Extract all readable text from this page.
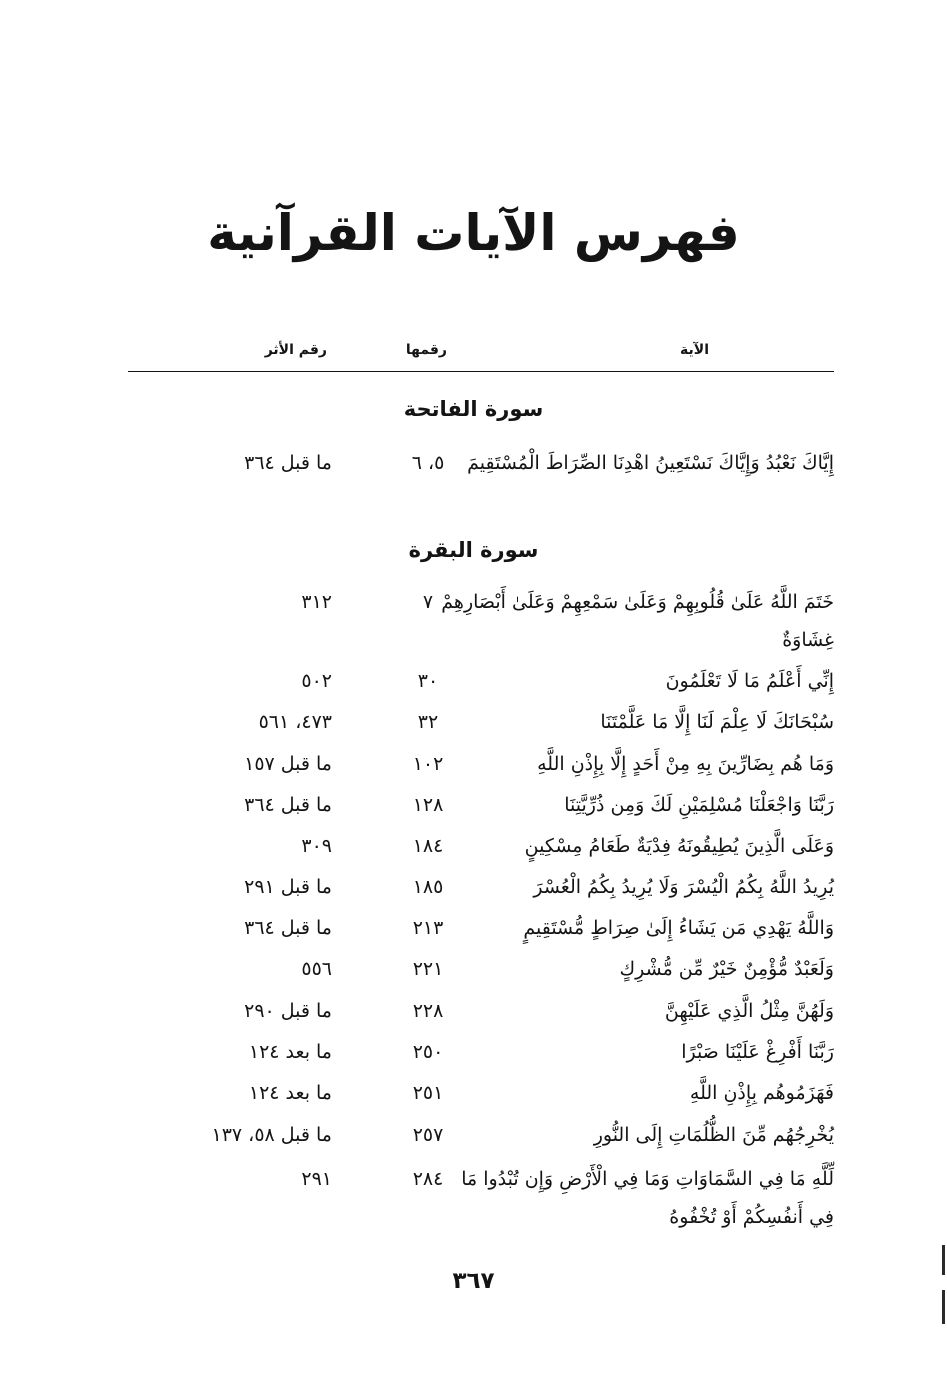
فهرس الآيات القرآنية
الآية
رقمها
رقم الأثر
سورة الفاتحة
إِيَّاكَ نَعْبُدُ وَإِيَّاكَ نَسْتَعِينُ اهْدِنَا الصِّرَاطَ الْمُسْتَقِيمَ
٥، ٦
ما قبل ٣٦٤
سورة البقرة
خَتَمَ اللَّهُ عَلَىٰ قُلُوبِهِمْ وَعَلَىٰ سَمْعِهِمْ وَعَلَىٰ أَبْصَارِهِمْ غِشَاوَةٌ
٧
٣١٢
إِنِّي أَعْلَمُ مَا لَا تَعْلَمُونَ
٣٠
٥٠٢
سُبْحَانَكَ لَا عِلْمَ لَنَا إِلَّا مَا عَلَّمْتَنَا
٣٢
٤٧٣، ٥٦١
وَمَا هُم بِضَارِّينَ بِهِ مِنْ أَحَدٍ إِلَّا بِإِذْنِ اللَّهِ
١٠٢
ما قبل ١٥٧
رَبَّنَا وَاجْعَلْنَا مُسْلِمَيْنِ لَكَ وَمِن ذُرِّيَّتِنَا
١٢٨
ما قبل ٣٦٤
وَعَلَى الَّذِينَ يُطِيقُونَهُ فِدْيَةٌ طَعَامُ مِسْكِينٍ
١٨٤
٣٠٩
يُرِيدُ اللَّهُ بِكُمُ الْيُسْرَ وَلَا يُرِيدُ بِكُمُ الْعُسْرَ
١٨٥
ما قبل ٢٩١
وَاللَّهُ يَهْدِي مَن يَشَاءُ إِلَىٰ صِرَاطٍ مُّسْتَقِيمٍ
٢١٣
ما قبل ٣٦٤
وَلَعَبْدٌ مُّؤْمِنٌ خَيْرٌ مِّن مُّشْرِكٍ
٢٢١
٥٥٦
وَلَهُنَّ مِثْلُ الَّذِي عَلَيْهِنَّ
٢٢٨
ما قبل ٢٩٠
رَبَّنَا أَفْرِغْ عَلَيْنَا صَبْرًا
٢٥٠
ما بعد ١٢٤
فَهَزَمُوهُم بِإِذْنِ اللَّهِ
٢٥١
ما بعد ١٢٤
يُخْرِجُهُم مِّنَ الظُّلُمَاتِ إِلَى النُّورِ
٢٥٧
ما قبل ٥٨، ١٣٧
لِّلَّهِ مَا فِي السَّمَاوَاتِ وَمَا فِي الْأَرْضِ وَإِن تُبْدُوا مَا فِي أَنفُسِكُمْ أَوْ تُخْفُوهُ
٢٨٤
٢٩١
٣٦٧
